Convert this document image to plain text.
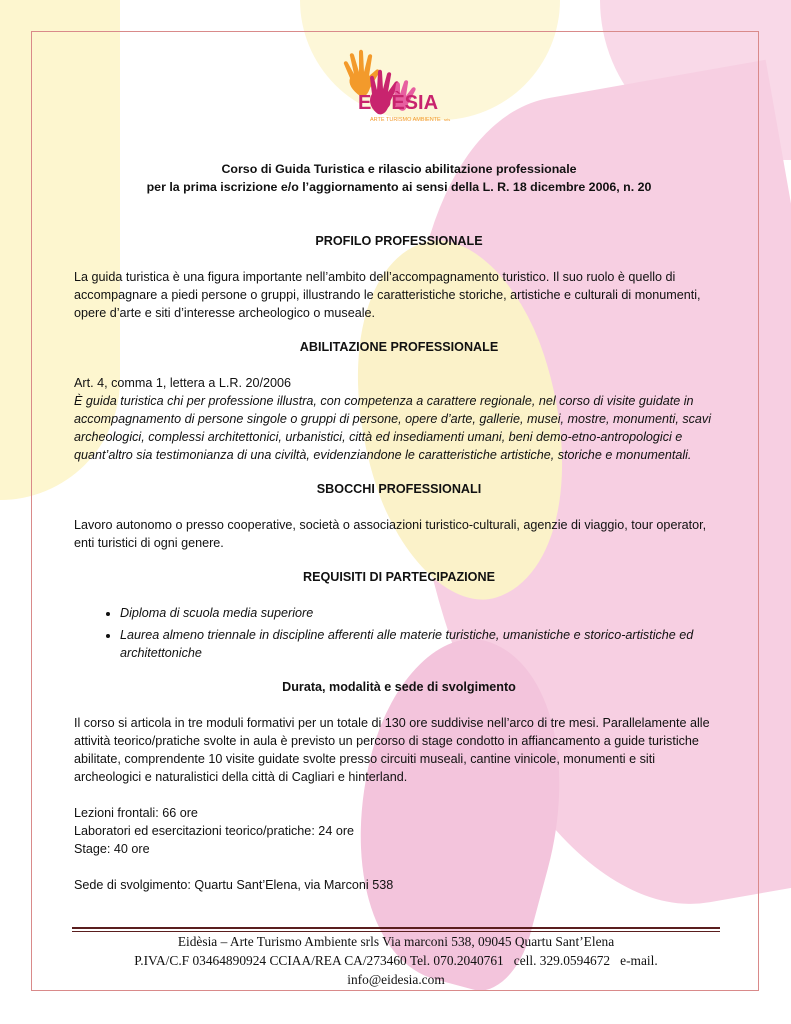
EIDÈSIA
ARTE TURISMO AMBIENTE srls
Corso di Guida Turistica e rilascio abilitazione professionale
per la prima iscrizione e/o l’aggiornamento ai sensi della L. R. 18 dicembre 2006, n. 20

PROFILO PROFESSIONALE

La guida turistica è una figura importante nell’ambito dell’accompagnamento turistico. Il suo ruolo è quello di accompagnare a piedi persone o gruppi, illustrando le caratteristiche storiche, artistiche e culturali di monumenti, opere d’arte e siti d’interesse archeologico o museale.

ABILITAZIONE PROFESSIONALE

Art. 4, comma 1, lettera a L.R. 20/2006

È guida turistica chi per professione illustra, con competenza a carattere regionale, nel corso di visite guidate in accompagnamento di persone singole o gruppi di persone, opere d’arte, gallerie, musei, mostre, monumenti, scavi archeologici, complessi architettonici, urbanistici, città ed insediamenti umani, beni demo-etno-antropologici e quant’altro sia testimonianza di una civiltà, evidenziandone le caratteristiche artistiche, storiche e monumentali.

SBOCCHI PROFESSIONALI

Lavoro autonomo o presso cooperative, società o associazioni turistico-culturali, agenzie di viaggio, tour operator, enti turistici di ogni genere.

REQUISITI DI PARTECIPAZIONE

• Diploma di scuola media superiore
• Laurea almeno triennale in discipline afferenti alle materie turistiche, umanistiche e storico-artistiche ed architettoniche

Durata, modalità e sede di svolgimento

Il corso si articola in tre moduli formativi per un totale di 130 ore suddivise nell’arco di tre mesi. Parallelamente alle attività teorico/pratiche svolte in aula è previsto un percorso di stage condotto in affiancamento a guide turistiche abilitate, comprendente 10 visite guidate svolte presso circuiti museali, cantine vinicole, monumenti e siti archeologici e naturalistici della città di Cagliari e hinterland.

Lezioni frontali: 66 ore

Laboratori ed esercitazioni teorico/pratiche: 24 ore

Stage: 40 ore

Sede di svolgimento: Quartu Sant’Elena, via Marconi 538

Eidèsia – Arte Turismo Ambiente srls Via marconi 538, 09045 Quartu Sant’Elena
P.IVA/C.F 03464890924 CCIAA/REA CA/273460 Tel. 070.2040761   cell. 329.0594672   e-mail.
info@eidesia.com
